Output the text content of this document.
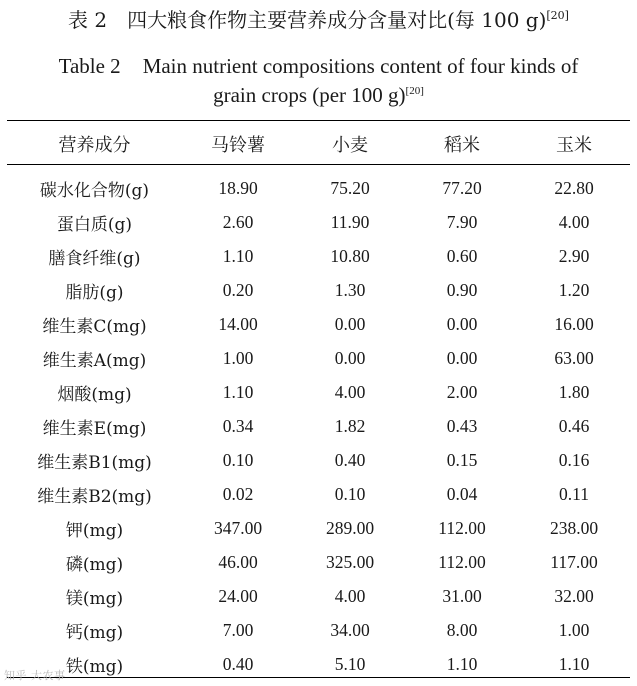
表 2 四大粮食作物主要营养成分含量对比(每 100 g)[20]
Table 2 Main nutrient compositions content of four kinds of
grain crops (per 100 g)[20]
营养成分	马铃薯	小麦	稻米	玉米

碳水化合物(g)	18.90	75.20	77.20	22.80
蛋白质(g)	2.60	11.90	7.90	4.00
膳食纤维(g)	1.10	10.80	0.60	2.90
脂肪(g)	0.20	1.30	0.90	1.20
维生素C(mg)	14.00	0.00	0.00	16.00
维生素A(mg)	1.00	0.00	0.00	63.00
烟酸(mg)	1.10	4.00	2.00	1.80
维生素E(mg)	0.34	1.82	0.43	0.46
维生素B1(mg)	0.10	0.40	0.15	0.16
维生素B2(mg)	0.02	0.10	0.04	0.11
钾(mg)	347.00	289.00	112.00	238.00
磷(mg)	46.00	325.00	112.00	117.00
镁(mg)	24.00	4.00	31.00	32.00
钙(mg)	7.00	34.00	8.00	1.00
铁(mg)	0.40	5.10	1.10	1.10
知乎 大农事
